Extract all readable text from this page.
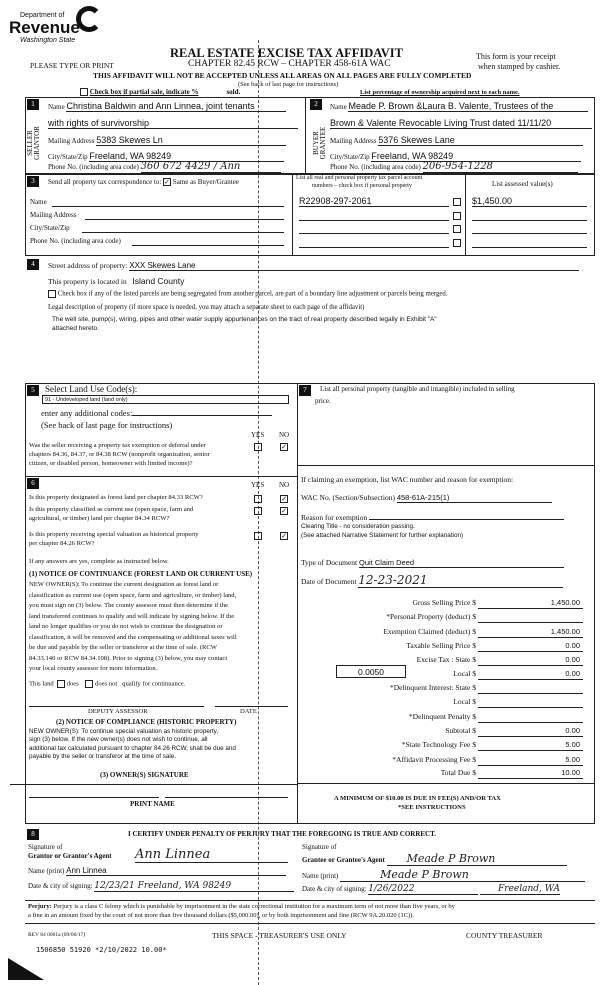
Department of
Revenue
Washington State
REAL ESTATE EXCISE TAX AFFIDAVIT
PLEASE TYPE OR PRINT	CHAPTER 82.45 RCW – CHAPTER 458-61A WAC
This form is your receipt
when stamped by cashier.
THIS AFFIDAVIT WILL NOT BE ACCEPTED UNLESS ALL AREAS ON ALL PAGES ARE FULLY COMPLETED
(See back of last page for instructions)
Check box if partial sale, indicate %	sold.	List percentage of ownership acquired next to each name.
1
SELLER GRANTOR
Name Christina Baldwin and Ann Linnea, joint tenants
with rights of survivorship
Mailing Address 5383 Skewes Ln
City/State/Zip Freeland, WA 98249
Phone No. (including area code) 360 672 4429 / Ann
2
BUYER GRANTEE
Name Meade P. Brown &Laura B. Valente, Trustees of the
Brown & Valente Revocable Living Trust dated 11/11/20
Mailing Address 5376 Skewes Lane
City/State/Zip Freeland, WA 98249
Phone No. (including area code) 206-954-1228
3	Send all property tax correspondence to: ✓ Same as Buyer/Grantee
Name
Mailing Address
City/State/Zip
Phone No. (including area code)
List all real and personal property tax parcel account
numbers – check box if personal property	List assessed value(s)
R22908-297-2061	$1,450.00
4	Street address of property: XXX Skewes Lane
This property is located in Island County
Check box if any of the listed parcels are being segregated from another parcel, are part of a boundary line adjustment or parcels being merged.
Legal description of property (if more space is needed, you may attach a separate sheet to each page of the affidavit)
The well site, pump(s), wiring, pipes and other water supply appurtenances on the tract of real property described legally in Exhibit "A"
attached hereto.
5	Select Land Use Code(s):
91 - Undeveloped land (land only)
enter any additional codes:
(See back of last page for instructions)
YES NO
Was the seller receiving a property tax exemption or deferral under
chapters 84.36, 84.37, or 84.38 RCW (nonprofit organization, senior
citizen, or disabled person, homeowner with limited income)?
✓
6	YES NO
Is this property designated as forest land per chapter 84.33 RCW?	✓
Is this property classified as current use (open space, farm and
agricultural, or timber) land per chapter 84.34 RCW?
✓
Is this property receiving special valuation as historical property
per chapter 84.26 RCW?
✓
If any answers are yes, complete as instructed below.
(1) NOTICE OF CONTINUANCE (FOREST LAND OR CURRENT USE)
NEW OWNER(S): To continue the current designation as forest land or
classification as current use (open space, farm and agriculture, or timber) land,
you must sign on (3) below. The county assessor must then determine if the
land transferred continues to qualify and will indicate by signing below. If the
land no longer qualifies or you do not wish to continue the designation or
classification, it will be removed and the compensating or additional taxes will
be due and payable by the seller or transferor at the time of sale. (RCW
84.33.140 or RCW 84.34.108). Prior to signing (3) below, you may contact
your local county assessor for more information.
This land does does not qualify for continuance.
DEPUTY ASSESSOR	DATE
(2) NOTICE OF COMPLIANCE (HISTORIC PROPERTY)
NEW OWNER(S): To continue special valuation as historic property,
sign (3) below. If the new owner(s) does not wish to continue, all
additional tax calculated pursuant to chapter 84.26 RCW, shall be due and
payable by the seller or transferor at the time of sale.
(3) OWNER(S) SIGNATURE
PRINT NAME
7	List all personal property (tangible and intangible) included in selling
price.
If claiming an exemption, list WAC number and reason for exemption:
WAC No. (Section/Subsection) 458-61A-215(1)
Reason for exemption
Clearing Title - no consideration passing.
(See attached Narrative Statement for further explanation)
Type of Document Quit Claim Deed
Date of Document 12-23-2021
Gross Selling Price $	1,450.00
*Personal Property (deduct) $
Exemption Claimed (deduct) $	1,450.00
Taxable Selling Price $	0.00
Excise Tax : State $	0.00
Local $	0.00
*Delinquent Interest: State $
Local $
*Delinquent Penalty $
Subtotal $	0.00
*State Technology Fee $	5.00
*Affidavit Processing Fee $	5.00
Total Due $	10.00
0.0050
A MINIMUM OF $10.00 IS DUE IN FEE(S) AND/OR TAX
*SEE INSTRUCTIONS
8	I CERTIFY UNDER PENALTY OF PERJURY THAT THE FOREGOING IS TRUE AND CORRECT.
Signature of
Grantor or Grantor's Agent Ann Linnea
Name (print) Ann Linnea
Date & city of signing: 12/23/21 Freeland, WA 98249
Signature of
Grantee or Grantee's Agent Meade P Brown
Name (print)	Meade P Brown
Date & city of signing: 1/26/2022	Freeland, WA
Perjury: Perjury is a class C felony which is punishable by imprisonment in the state correctional institution for a maximum term of not more than five years, or by
a fine in an amount fixed by the court of not more than five thousand dollars ($5,000.00), or by both imprisonment and fine (RCW 9A.20.020 (1C)).
REV 84 0001a (09/06/17)	THIS SPACE - TREASURER'S USE ONLY	COUNTY TREASURER
1506850 51920 *2/10/2022 10.00*
